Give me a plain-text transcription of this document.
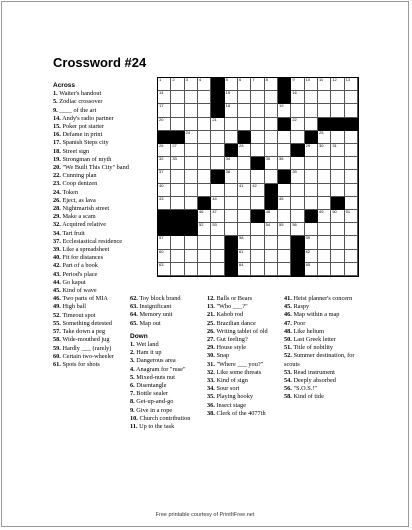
Crossword #24
1	2	3	4	5	6	7	8	9	10 11 12 13
14	15	16
17	18	19
20	21	22
24	25
26 27	28	29 30 31
32 33	34	35 36
37	38	39
40	41 42
43	44	45
46 47	48	49 50 51
52 53	54 55 56
57	58	59
60	61	62
63	64	65
Across
1. Waiter's handout
5. Zodiac crossover
9. ____ of the art
14. Andy's radio partner
15. Poker pot starter
16. Defame in print
17. Spanish Steps city
18. Street sign
19. Strongman of myth
20. "We Built This City" band
22. Cunning plan
23. Coop denizen
24. Token
26. Eject, as lava
28. Nightmarish street
29. Make a scam
32. Acquired relative
34. Tart fruit
37. Ecclesiastical residence
39. Like a spreadsheet
40. Fit for distances
42. Part of a book
43. Period's place
44. Go kaput
45. Kind of wave
46. Two parts of MIA
49. High ball
52. Timeout spot
55. Something detested
57. Take down a peg
58. Wide-mouthed jug
59. Hardly ___ (rarely)
60. Certain two-wheeler
61. Spots for shots
62. Toy block brand
63. Insignificant
64. Memory unit
65. Map out
Down
1. Wet land
2. Ham it up
3. Dangerous area
4. Anagram for "ruse"
5. Mixed-nuts nut
6. Disentangle
7. Bottle sealer
8. Get-up-and-go
9. Give in a rope
10. Church contribution
11. Up to the task
12. Balls or Bears
13. "Who ___?"
21. Kabob rod
25. Brazilian dance
26. Writing tablet of old
27. Gut feeling?
29. House style
30. Snap
31. "Where ___ you?"
32. Like some threats
33. Kind of sign
34. Sour sort
35. Playing hooky
36. Insect stage
38. Clerk of the 4077th
41. Heist planner's concern
45. Raspy
46. Map within a map
47. Poor
48. Like helium
50. Last Greek letter
51. Title of nobility
52. Summer destination, for scouts
53. Read instrument
54. Deeply absorbed
56. "S.O.S.!"
58. Kind of tide
Free printable courtesy of PrintItFree.net
